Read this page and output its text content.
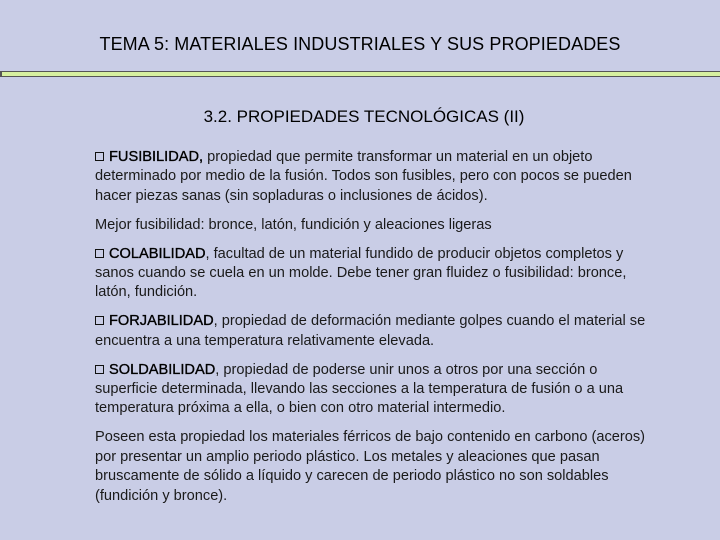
TEMA 5: MATERIALES INDUSTRIALES Y SUS PROPIEDADES
3.2. PROPIEDADES TECNOLÓGICAS (II)

FUSIBILIDAD, propiedad que permite transformar un material en un objeto determinado por medio de la fusión. Todos son fusibles, pero con pocos se pueden hacer piezas sanas (sin sopladuras o inclusiones de ácidos).

Mejor fusibilidad: bronce, latón, fundición y aleaciones ligeras

COLABILIDAD, facultad de un material fundido de producir objetos completos y sanos cuando se cuela en un molde. Debe tener gran fluidez o fusibilidad: bronce, latón, fundición.

FORJABILIDAD, propiedad de deformación mediante golpes cuando el material se encuentra a una temperatura relativamente elevada.

SOLDABILIDAD, propiedad de poderse unir unos a otros por una sección o superficie determinada, llevando las secciones a la temperatura de fusión o a una temperatura próxima a ella, o bien con otro material intermedio.

Poseen esta propiedad los materiales férricos de bajo contenido en carbono (aceros) por presentar un amplio periodo plástico. Los metales y aleaciones que pasan bruscamente de sólido a líquido y carecen de periodo plástico no son soldables (fundición y bronce).
